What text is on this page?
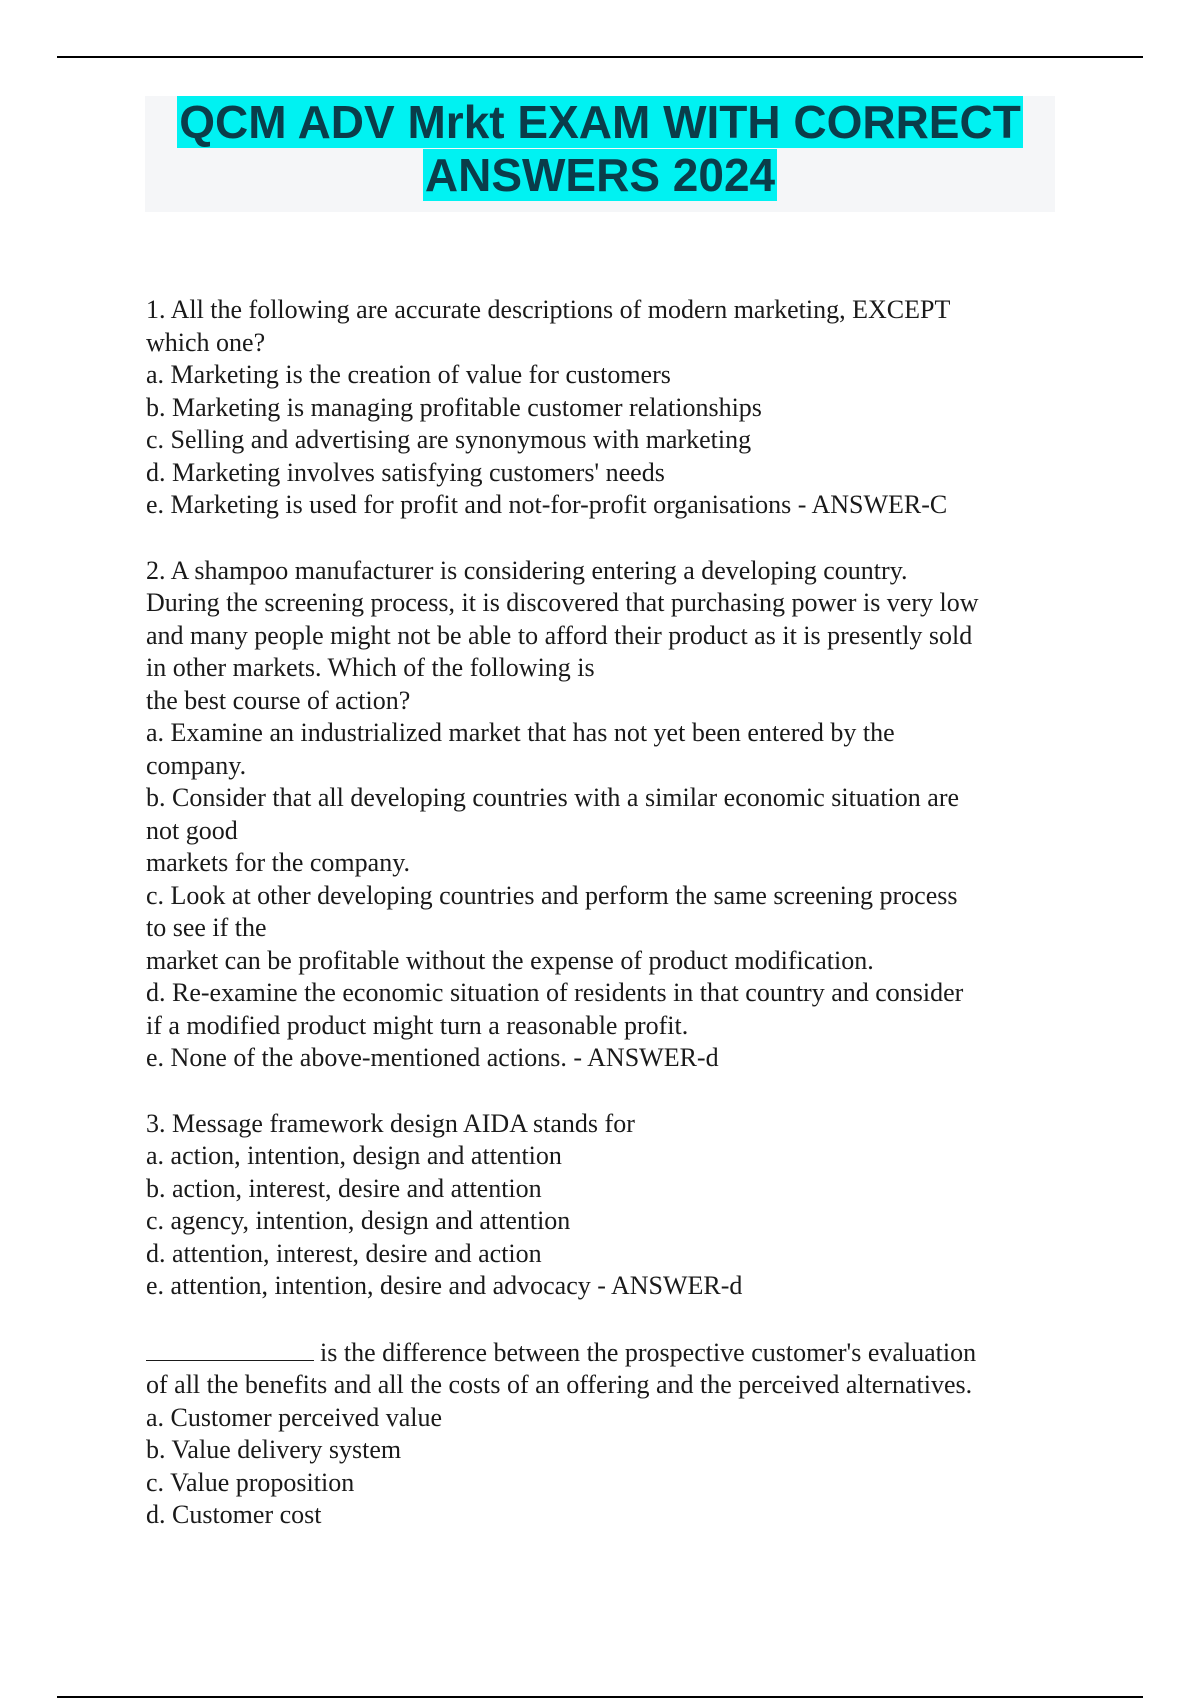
QCM ADV Mrkt EXAM WITH CORRECT
ANSWERS 2024

1. All the following are accurate descriptions of modern marketing, EXCEPT

which one?

a. Marketing is the creation of value for customers

b. Marketing is managing profitable customer relationships

c. Selling and advertising are synonymous with marketing

d. Marketing involves satisfying customers' needs

e. Marketing is used for profit and not-for-profit organisations - ANSWER-C

2. A shampoo manufacturer is considering entering a developing country.

During the screening process, it is discovered that purchasing power is very low

and many people might not be able to afford their product as it is presently sold

in other markets. Which of the following is

the best course of action?

a. Examine an industrialized market that has not yet been entered by the

company.

b. Consider that all developing countries with a similar economic situation are

not good

markets for the company.

c. Look at other developing countries and perform the same screening process

to see if the

market can be profitable without the expense of product modification.

d. Re-examine the economic situation of residents in that country and consider

if a modified product might turn a reasonable profit.

e. None of the above-mentioned actions. - ANSWER-d

3. Message framework design AIDA stands for

a. action, intention, design and attention

b. action, interest, desire and attention

c. agency, intention, design and attention

d. attention, interest, desire and action

e. attention, intention, desire and advocacy - ANSWER-d

is the difference between the prospective customer's evaluation

of all the benefits and all the costs of an offering and the perceived alternatives.

a. Customer perceived value

b. Value delivery system

c. Value proposition

d. Customer cost
